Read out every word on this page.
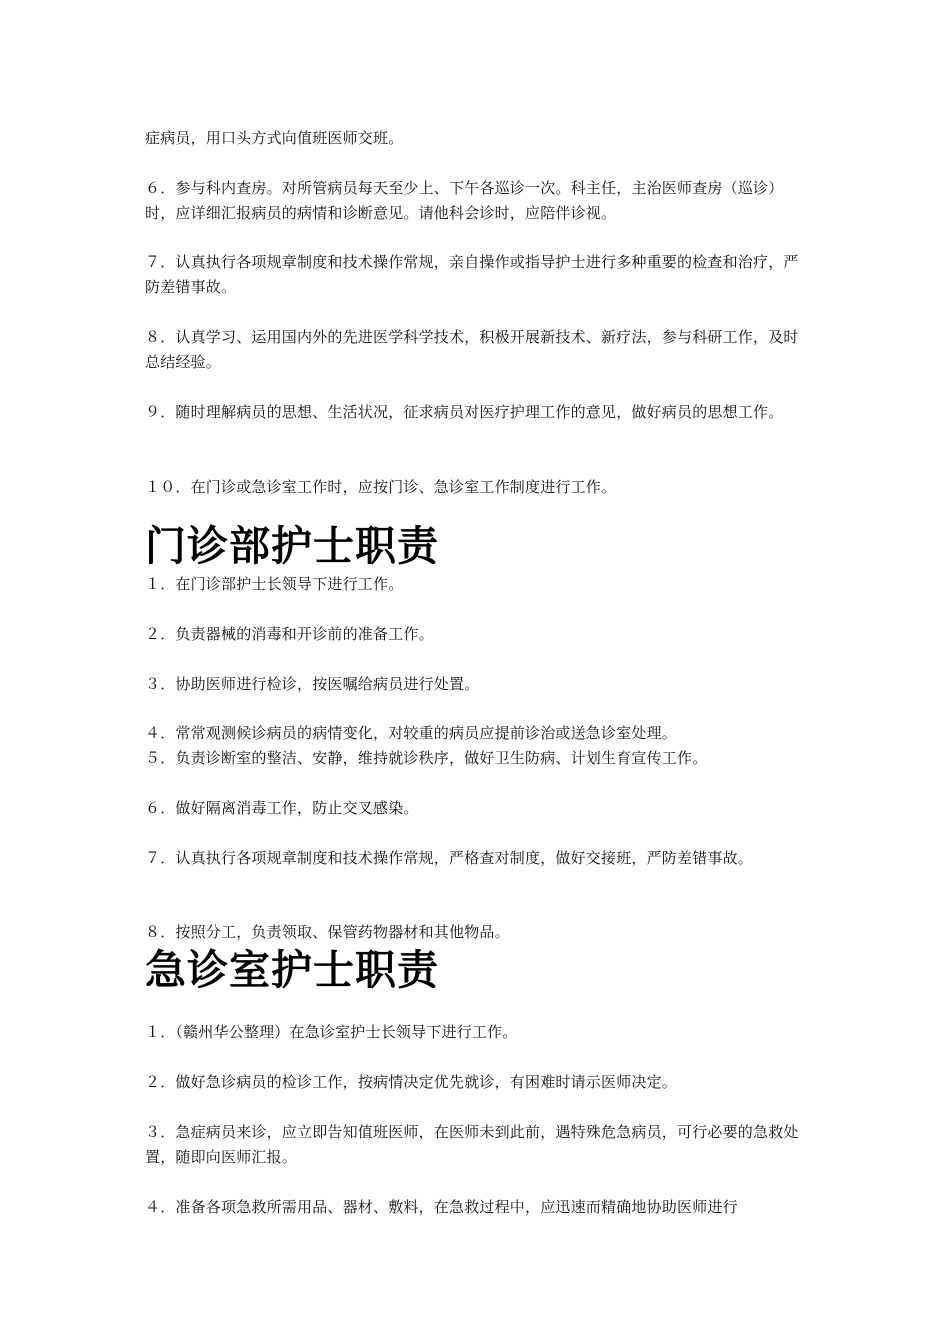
症病员，用口头方式向值班医师交班。
６．参与科内查房。对所管病员每天至少上、下午各巡诊一次。科主任，主治医师查房（巡诊）时，应详细汇报病员的病情和诊断意见。请他科会诊时，应陪伴诊视。
７．认真执行各项规章制度和技术操作常规，亲自操作或指导护士进行多种重要的检查和治疗，严防差错事故。
８．认真学习、运用国内外的先进医学科学技术，积极开展新技术、新疗法，参与科研工作，及时总结经验。
９．随时理解病员的思想、生活状况，征求病员对医疗护理工作的意见，做好病员的思想工作。
１０．在门诊或急诊室工作时，应按门诊、急诊室工作制度进行工作。
门诊部护士职责
１．在门诊部护士长领导下进行工作。
２．负责器械的消毒和开诊前的准备工作。
３．协助医师进行检诊，按医嘱给病员进行处置。
４．常常观测候诊病员的病情变化，对较重的病员应提前诊治或送急诊室处理。
５．负责诊断室的整洁、安静，维持就诊秩序，做好卫生防病、计划生育宣传工作。
６．做好隔离消毒工作，防止交叉感染。
７．认真执行各项规章制度和技术操作常规，严格查对制度，做好交接班，严防差错事故。
８．按照分工，负责领取、保管药物器材和其他物品。
急诊室护士职责
１．（赣州华公整理）在急诊室护士长领导下进行工作。
２．做好急诊病员的检诊工作，按病情决定优先就诊，有困难时请示医师决定。
３．急症病员来诊，应立即告知值班医师，在医师未到此前，遇特殊危急病员，可行必要的急救处置，随即向医师汇报。
４．准备各项急救所需用品、器材、敷料，在急救过程中，应迅速而精确地协助医师进行
